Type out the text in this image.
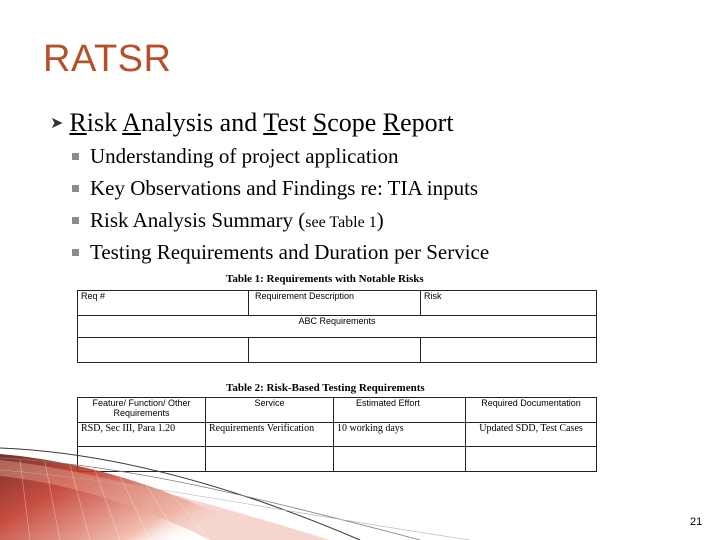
RATSR
➤ Risk Analysis and Test Scope Report
Understanding of project application
Key Observations and Findings re: TIA inputs
Risk Analysis Summary (see Table 1)
Testing Requirements and Duration per Service
Table 1: Requirements with Notable Risks
Req #	Requirement Description	Risk
ABC Requirements		

Table 2: Risk-Based Testing Requirements
Feature/ Function/ Other Requirements	Service	Estimated Effort	Required Documentation
RSD, Sec III, Para 1.20	Requirements Verification	10 working days	Updated SDD, Test Cases

21
